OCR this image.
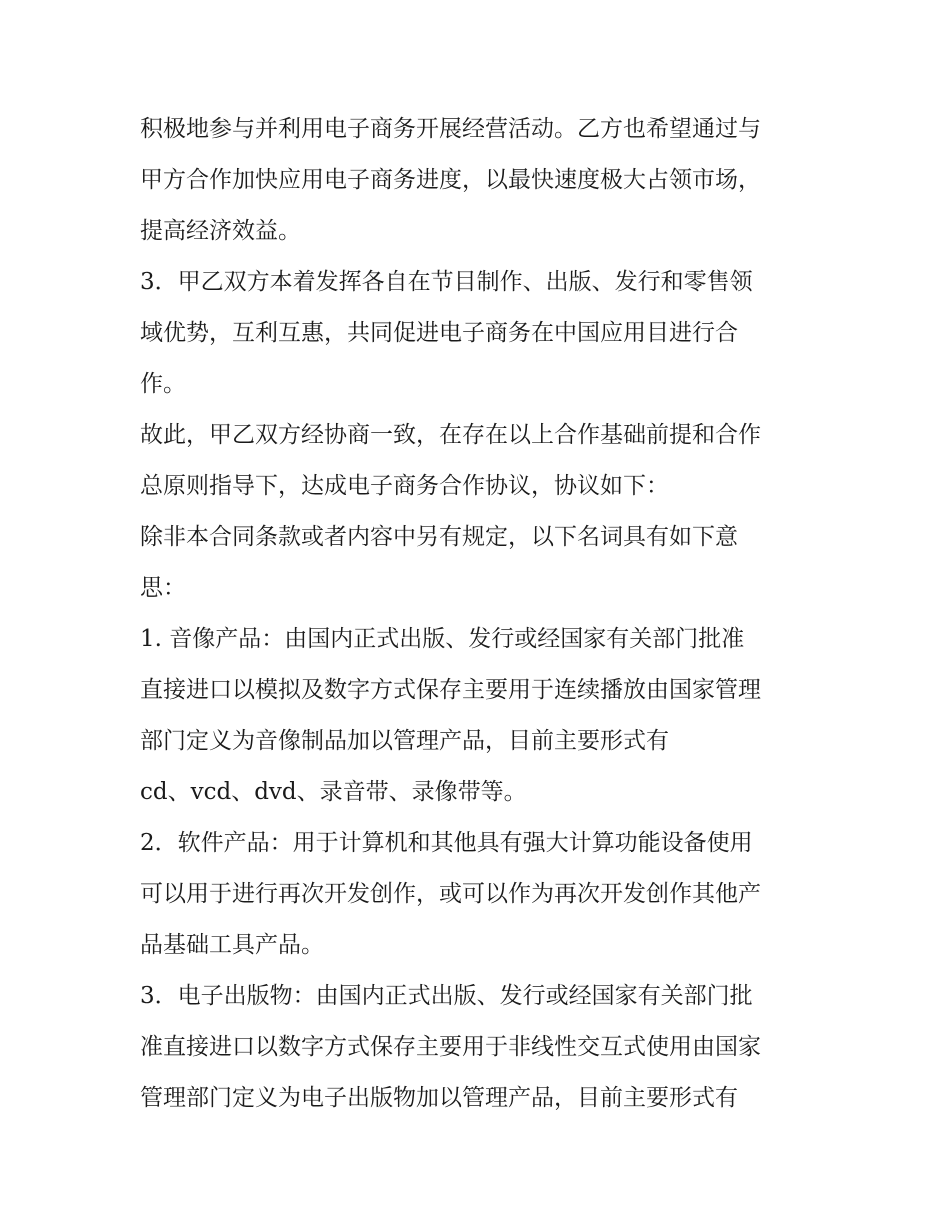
积极地参与并利用电子商务开展经营活动。乙方也希望通过与
甲方合作加快应用电子商务进度，以最快速度极大占领市场，
提高经济效益。
3．甲乙双方本着发挥各自在节目制作、出版、发行和零售领
域优势，互利互惠，共同促进电子商务在中国应用目进行合
作。
故此，甲乙双方经协商一致，在存在以上合作基础前提和合作
总原则指导下，达成电子商务合作协议，协议如下：
除非本合同条款或者内容中另有规定，以下名词具有如下意
思：
1. 音像产品：由国内正式出版、发行或经国家有关部门批准
直接进口以模拟及数字方式保存主要用于连续播放由国家管理
部门定义为音像制品加以管理产品，目前主要形式有
cd、vcd、dvd、录音带、录像带等。
2．软件产品：用于计算机和其他具有强大计算功能设备使用
可以用于进行再次开发创作，或可以作为再次开发创作其他产
品基础工具产品。
3．电子出版物：由国内正式出版、发行或经国家有关部门批
准直接进口以数字方式保存主要用于非线性交互式使用由国家
管理部门定义为电子出版物加以管理产品，目前主要形式有
